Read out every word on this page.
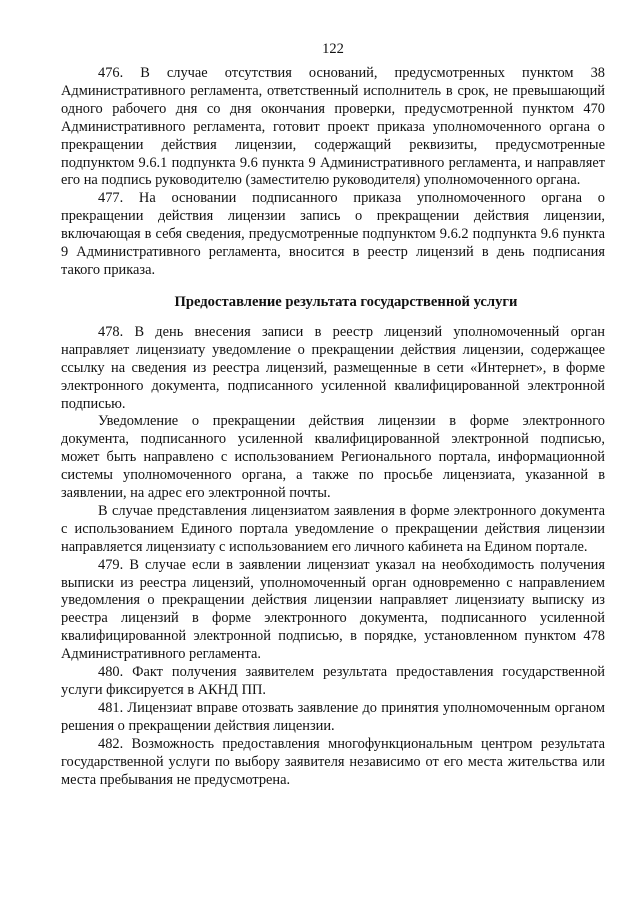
122

476. В случае отсутствия оснований, предусмотренных пунктом 38 Административного регламента, ответственный исполнитель в срок, не превышающий одного рабочего дня со дня окончания проверки, предусмотренной пунктом 470 Административного регламента, готовит проект приказа уполномоченного органа о прекращении действия лицензии, содержащий реквизиты, предусмотренные подпунктом 9.6.1 подпункта 9.6 пункта 9 Административного регламента, и направляет его на подпись руководителю (заместителю руководителя) уполномоченного органа.

477. На основании подписанного приказа уполномоченного органа о прекращении действия лицензии запись о прекращении действия лицензии, включающая в себя сведения, предусмотренные подпунктом 9.6.2 подпункта 9.6 пункта 9 Административного регламента, вносится в реестр лицензий в день подписания такого приказа.

Предоставление результата государственной услуги

478. В день внесения записи в реестр лицензий уполномоченный орган направляет лицензиату уведомление о прекращении действия лицензии, содержащее ссылку на сведения из реестра лицензий, размещенные в сети «Интернет», в форме электронного документа, подписанного усиленной квалифицированной электронной подписью.

Уведомление о прекращении действия лицензии в форме электронного документа, подписанного усиленной квалифицированной электронной подписью, может быть направлено с использованием Регионального портала, информационной системы уполномоченного органа, а также по просьбе лицензиата, указанной в заявлении, на адрес его электронной почты.

В случае представления лицензиатом заявления в форме электронного документа с использованием Единого портала уведомление о прекращении действия лицензии направляется лицензиату с использованием его личного кабинета на Едином портале.

479. В случае если в заявлении лицензиат указал на необходимость получения выписки из реестра лицензий, уполномоченный орган одновременно с направлением уведомления о прекращении действия лицензии направляет лицензиату выписку из реестра лицензий в форме электронного документа, подписанного усиленной квалифицированной электронной подписью, в порядке, установленном пунктом 478 Административного регламента.

480. Факт получения заявителем результата предоставления государственной услуги фиксируется в АКНД ПП.

481. Лицензиат вправе отозвать заявление до принятия уполномоченным органом решения о прекращении действия лицензии.

482. Возможность предоставления многофункциональным центром результата государственной услуги по выбору заявителя независимо от его места жительства или места пребывания не предусмотрена.
